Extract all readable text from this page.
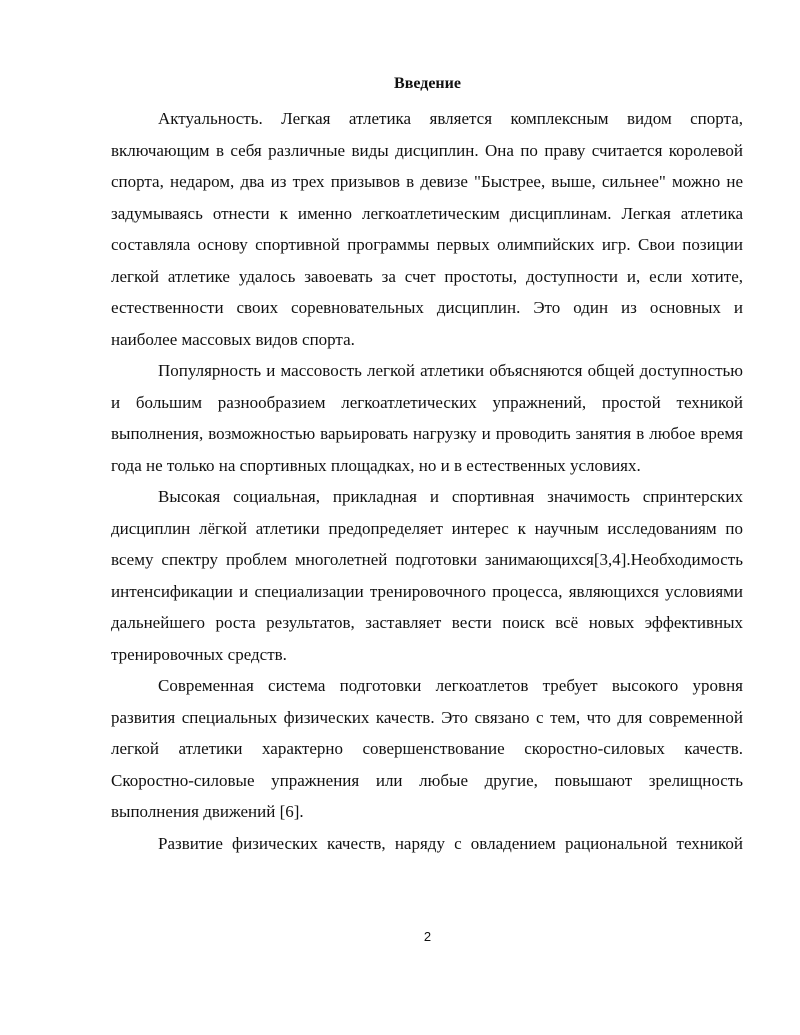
Введение

Актуальность. Легкая атлетика является комплексным видом спорта, включающим в себя различные виды дисциплин. Она по праву считается королевой спорта, недаром, два из трех призывов в девизе "Быстрее, выше, сильнее" можно не задумываясь отнести к именно легкоатлетическим дисциплинам. Легкая атлетика составляла основу спортивной программы первых олимпийских игр. Свои позиции легкой атлетике удалось завоевать за счет простоты, доступности и, если хотите, естественности своих соревновательных дисциплин. Это один из основных и наиболее массовых видов спорта.

Популярность и массовость легкой атлетики объясняются общей доступностью и большим разнообразием легкоатлетических упражнений, простой техникой выполнения, возможностью варьировать нагрузку и проводить занятия в любое время года не только на спортивных площадках, но и в естественных условиях.

Высокая социальная, прикладная и спортивная значимость спринтерских дисциплин лёгкой атлетики предопределяет интерес к научным исследованиям по всему спектру проблем многолетней подготовки занимающихся[3,4].Необходимость интенсификации и специализации тренировочного процесса, являющихся условиями дальнейшего роста результатов, заставляет вести поиск всё новых эффективных тренировочных средств.

Современная система подготовки легкоатлетов требует высокого уровня развития специальных физических качеств. Это связано с тем, что для современной легкой атлетики характерно совершенствование скоростно-силовых качеств. Скоростно-силовые упражнения или любые другие, повышают зрелищность выполнения движений [6].

Развитие физических качеств, наряду с овладением рациональной техникой

2
